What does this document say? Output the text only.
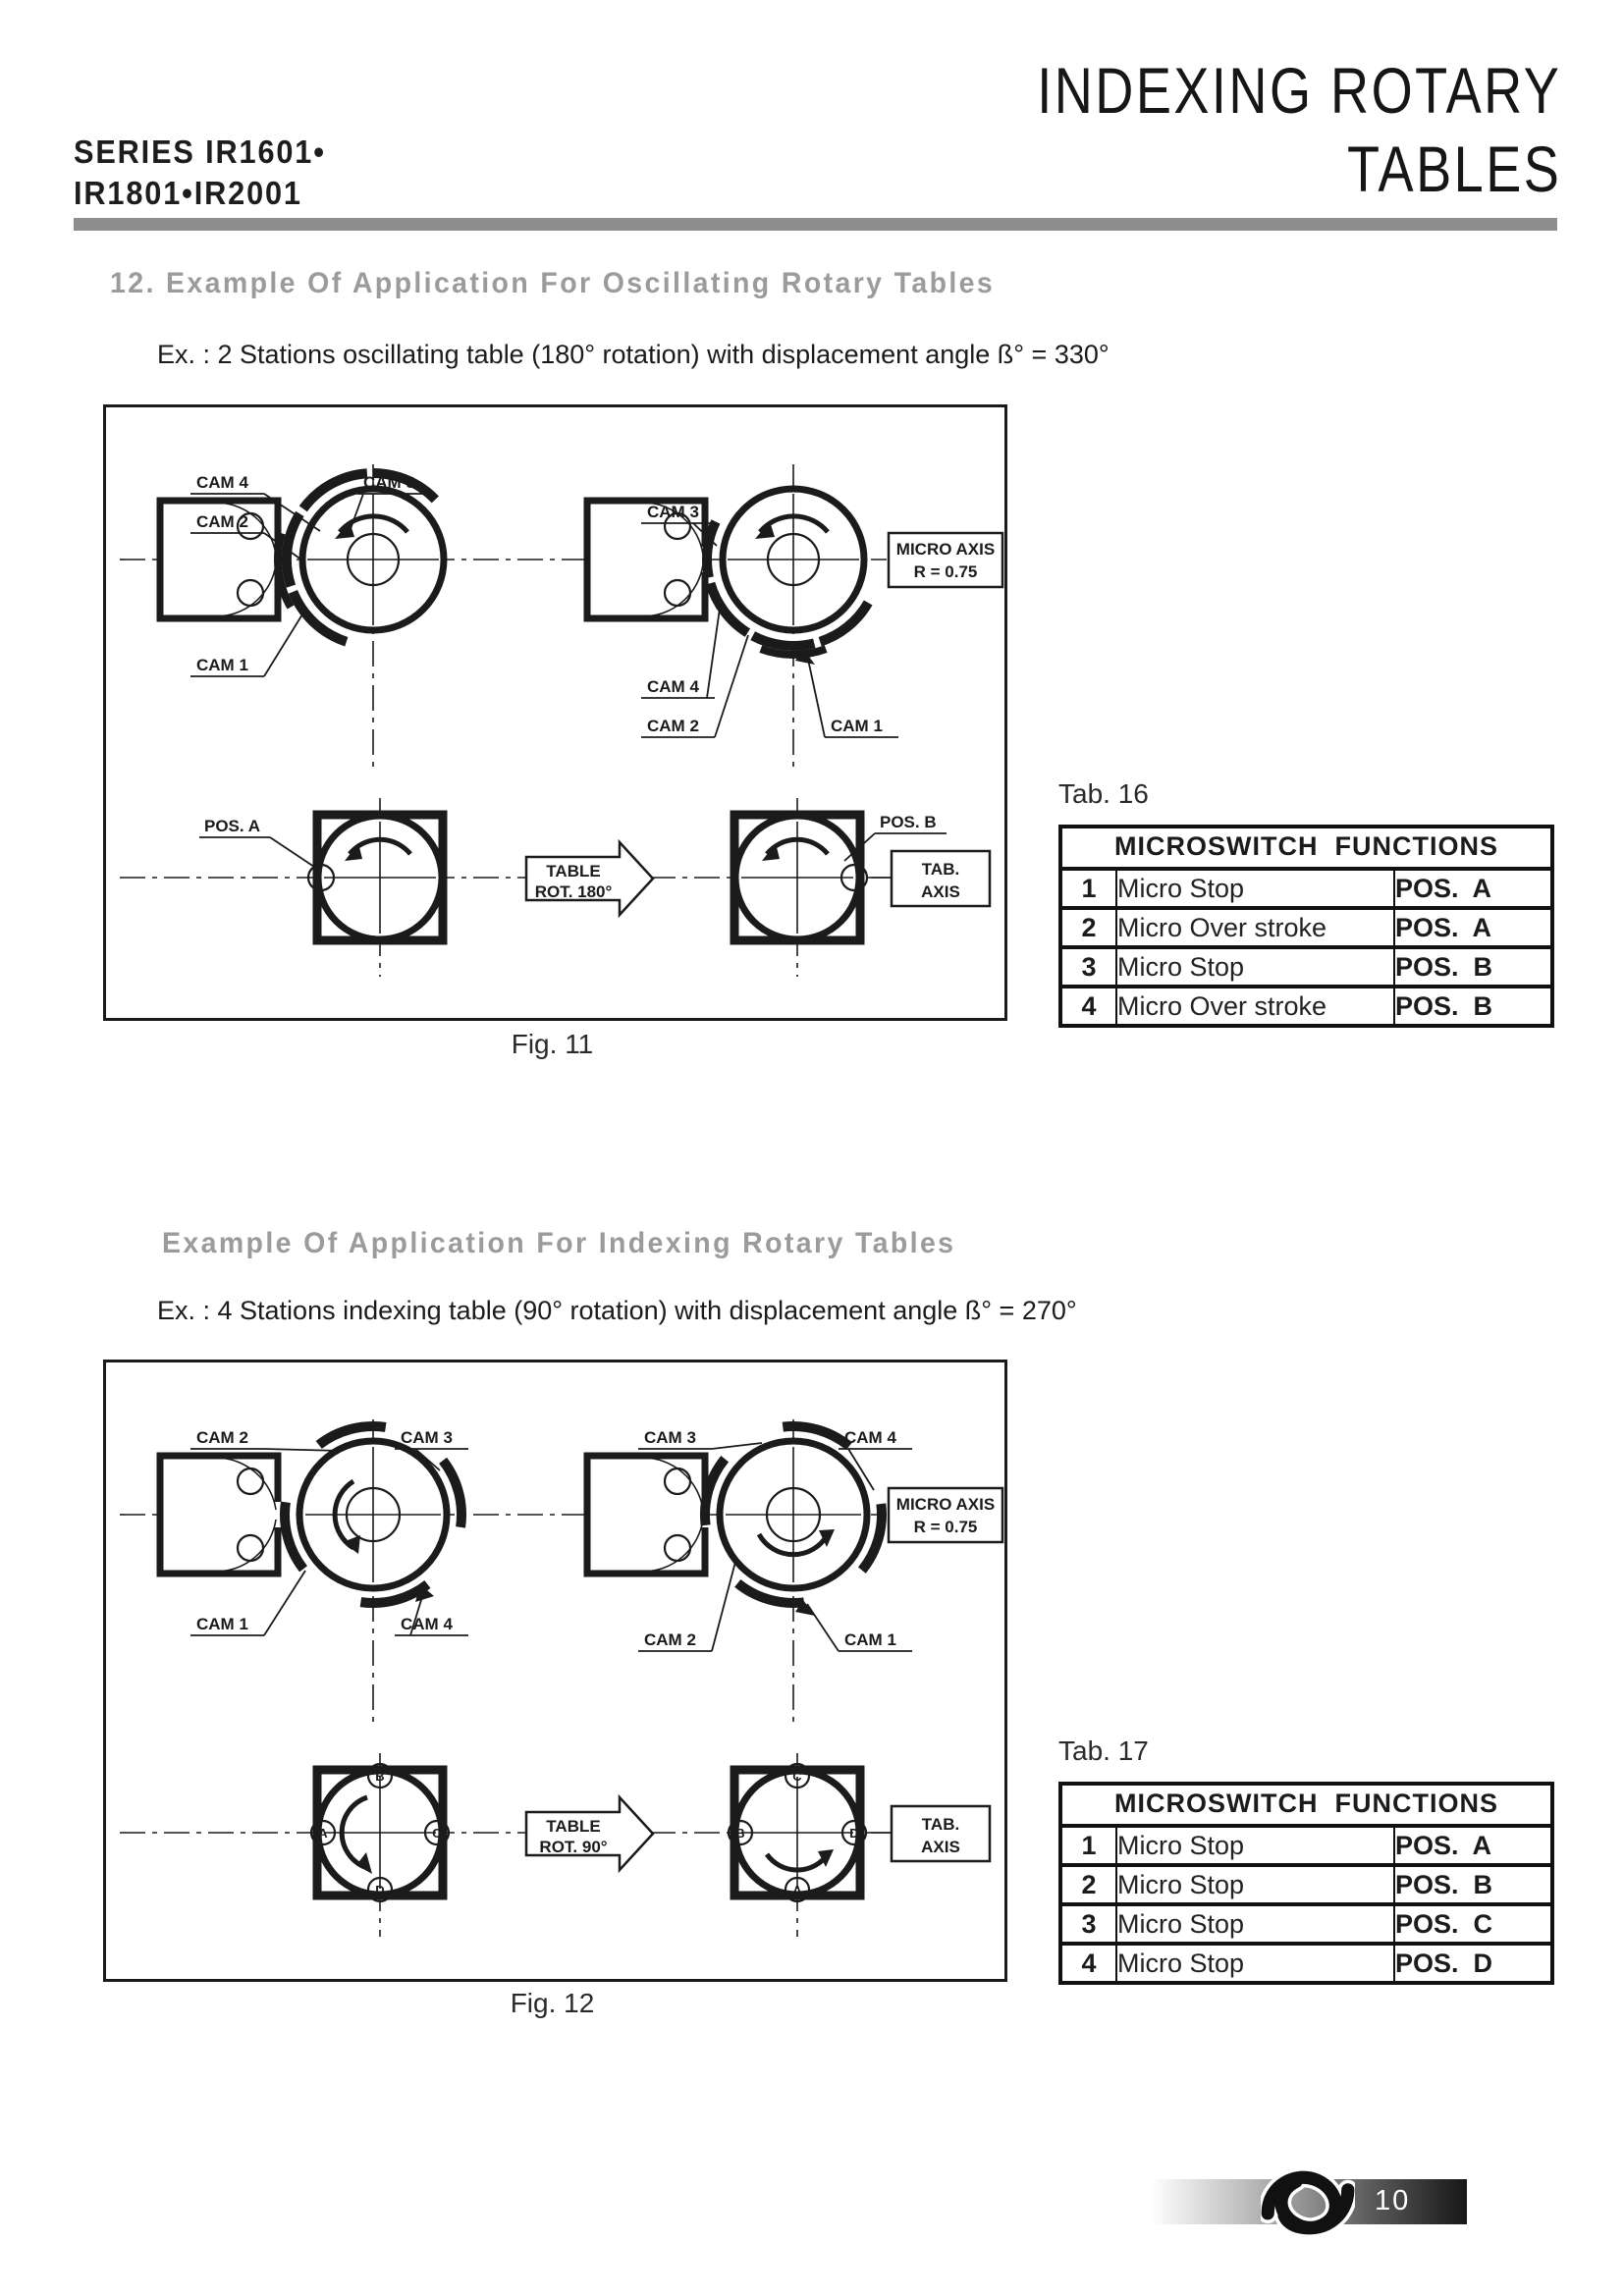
SERIES IR1601•
IR1801•IR2001
INDEXING ROTARY
TABLES
12. Example Of Application For Oscillating Rotary Tables
Ex. : 2 Stations oscillating table (180° rotation) with displacement angle ß° = 330°
CAM 4
CAM 2
CAM 3
CAM 1
CAM 3
CAM 4
CAM 2	CAM 1
MICRO AXIS
R = 0.75
POS. A
TABLE
ROT. 180°
POS. B
TAB.
AXIS
Fig. 11
Tab. 16
MICROSWITCH  FUNCTIONS		
1	Micro Stop	POS.  A
2	Micro Over stroke	POS.  A
3	Micro Stop	POS.  B
4	Micro Over stroke	POS.  B
Example Of Application For Indexing Rotary Tables
Ex. : 4 Stations indexing table (90° rotation) with displacement angle ß° = 270°
CAM 2	CAM 3
CAM 1	CAM 4
CAM 3	CAM 4
CAM 2	CAM 1
MICRO AXIS
R = 0.75
B
A	C
D
TABLE
ROT. 90°
C
B	D
A
TAB.
AXIS
Fig. 12
Tab. 17
MICROSWITCH  FUNCTIONS		
1	Micro Stop	POS.  A
2	Micro Stop	POS.  B
3	Micro Stop	POS.  C
4	Micro Stop	POS.  D
10
